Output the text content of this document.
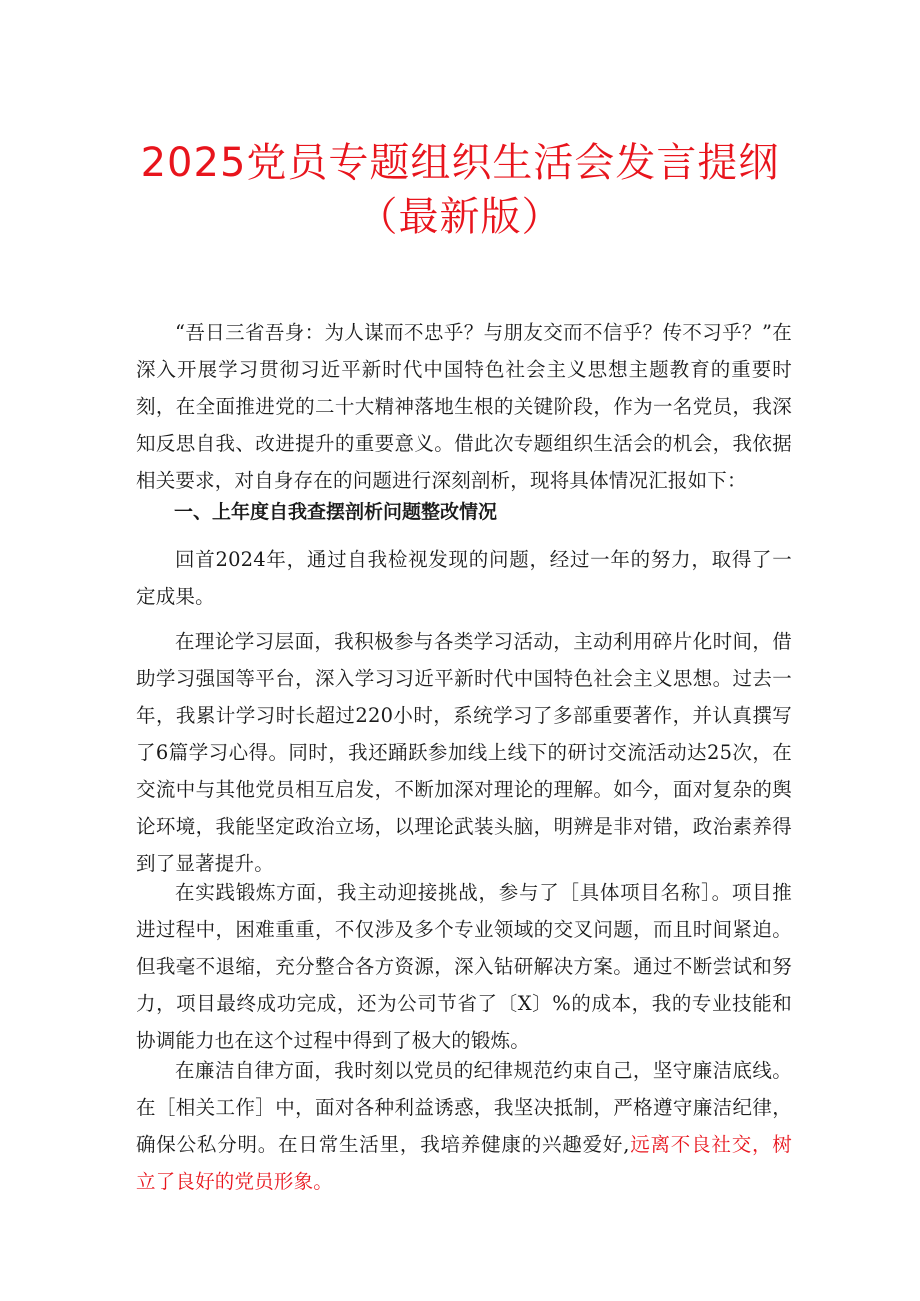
2025党员专题组织生活会发言提纲
（最新版）

“吾日三省吾身：为人谋而不忠乎？与朋友交而不信乎？传不习乎？”在深入开展学习贯彻习近平新时代中国特色社会主义思想主题教育的重要时刻，在全面推进党的二十大精神落地生根的关键阶段，作为一名党员，我深知反思自我、改进提升的重要意义。借此次专题组织生活会的机会，我依据相关要求，对自身存在的问题进行深刻剖析，现将具体情况汇报如下：

一、上年度自我查摆剖析问题整改情况

回首2024年，通过自我检视发现的问题，经过一年的努力，取得了一定成果。

在理论学习层面，我积极参与各类学习活动，主动利用碎片化时间，借助学习强国等平台，深入学习习近平新时代中国特色社会主义思想。过去一年，我累计学习时长超过220小时，系统学习了多部重要著作，并认真撰写了6篇学习心得。同时，我还踊跃参加线上线下的研讨交流活动达25次，在交流中与其他党员相互启发，不断加深对理论的理解。如今，面对复杂的舆论环境，我能坚定政治立场，以理论武装头脑，明辨是非对错，政治素养得到了显著提升。

在实践锻炼方面，我主动迎接挑战，参与了［具体项目名称］。项目推进过程中，困难重重，不仅涉及多个专业领域的交叉问题，而且时间紧迫。但我毫不退缩，充分整合各方资源，深入钻研解决方案。通过不断尝试和努力，项目最终成功完成，还为公司节省了〔X〕%的成本，我的专业技能和协调能力也在这个过程中得到了极大的锻炼。

在廉洁自律方面，我时刻以党员的纪律规范约束自己，坚守廉洁底线。在［相关工作］中，面对各种利益诱惑，我坚决抵制，严格遵守廉洁纪律，确保公私分明。在日常生活里，我培养健康的兴趣爱好,远离不良社交，树立了良好的党员形象。
